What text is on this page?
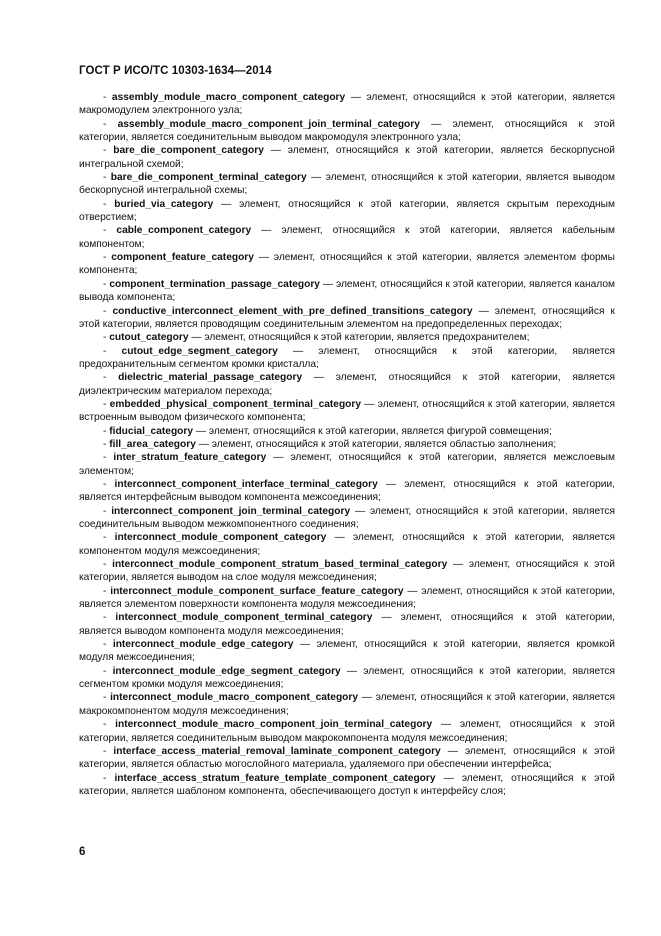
ГОСТ Р ИСО/ТС 10303-1634—2014

- assembly_module_macro_component_category — элемент, относящийся к этой категории, является макромодулем электронного узла;

- assembly_module_macro_component_join_terminal_category — элемент, относящийся к этой категории, является соединительным выводом макромодуля электронного узла;

- bare_die_component_category — элемент, относящийся к этой категории, является бескорпусной интегральной схемой;

- bare_die_component_terminal_category — элемент, относящийся к этой категории, является выводом бескорпусной интегральной схемы;

- buried_via_category — элемент, относящийся к этой категории, является скрытым переходным отверстием;

- cable_component_category — элемент, относящийся к этой категории, является кабельным компонентом;

- component_feature_category — элемент, относящийся к этой категории, является элементом формы компонента;

- component_termination_passage_category — элемент, относящийся к этой категории, является каналом вывода компонента;

- conductive_interconnect_element_with_pre_defined_transitions_category — элемент, относящийся к этой категории, является проводящим соединительным элементом на предопределенных переходах;

- cutout_category — элемент, относящийся к этой категории, является предохранителем;

- cutout_edge_segment_category — элемент, относящийся к этой категории, является предохранительным сегментом кромки кристалла;

- dielectric_material_passage_category — элемент, относящийся к этой категории, является диэлектрическим материалом перехода;

- embedded_physical_component_terminal_category — элемент, относящийся к этой категории, является встроенным выводом физического компонента;

- fiducial_category — элемент, относящийся к этой категории, является фигурой совмещения;

- fill_area_category — элемент, относящийся к этой категории, является областью заполнения;

- inter_stratum_feature_category — элемент, относящийся к этой категории, является межслоевым элементом;

- interconnect_component_interface_terminal_category — элемент, относящийся к этой категории, является интерфейсным выводом компонента межсоединения;

- interconnect_component_join_terminal_category — элемент, относящийся к этой категории, является соединительным выводом межкомпонентного соединения;

- interconnect_module_component_category — элемент, относящийся к этой категории, является компонентом модуля межсоединения;

- interconnect_module_component_stratum_based_terminal_category — элемент, относящийся к этой категории, является выводом на слое модуля межсоединения;

- interconnect_module_component_surface_feature_category — элемент, относящийся к этой категории, является элементом поверхности компонента модуля межсоединения;

- interconnect_module_component_terminal_category — элемент, относящийся к этой категории, является выводом компонента модуля межсоединения;

- interconnect_module_edge_category — элемент, относящийся к этой категории, является кромкой модуля межсоединения;

- interconnect_module_edge_segment_category — элемент, относящийся к этой категории, является сегментом кромки модуля межсоединения;

- interconnect_module_macro_component_category — элемент, относящийся к этой категории, является макрокомпонентом модуля межсоединения;

- interconnect_module_macro_component_join_terminal_category — элемент, относящийся к этой категории, является соединительным выводом макрокомпонента модуля межсоединения;

- interface_access_material_removal_laminate_component_category — элемент, относящийся к этой категории, является областью могослойного материала, удаляемого при обеспечении интерфейса;

- interface_access_stratum_feature_template_component_category — элемент, относящийся к этой категории, является шаблоном компонента, обеспечивающего доступ к интерфейсу слоя;

6
